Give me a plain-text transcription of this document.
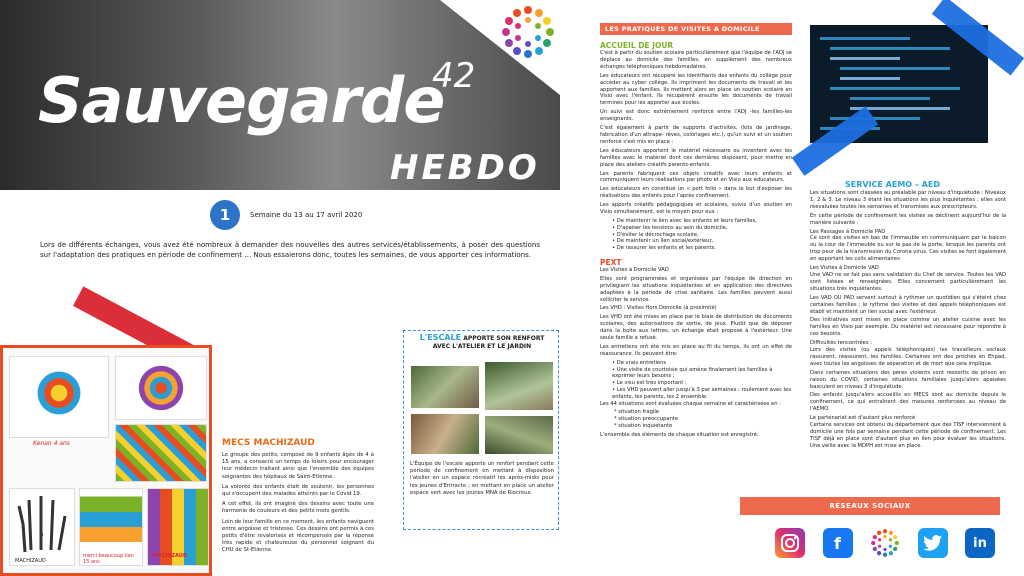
Sauvegarde
42
HEBDO
1	Semaine du 13 au 17 avril 2020

Lors de différents échanges, vous avez été nombreux à demander des nouvelles des autres services/établissements, à poser des questions sur l'adaptation des pratiques en période de confinement … Nous essaierons donc, toutes les semaines, de vous apporter ces informations.

Kenan 4 ans
MACHIZAUD
merci beaucoup ilan 15 ans
MACHIZAUD
MECS MACHIZAUD

Le groupe des petits, composé de 9 enfants âgés de 4 à 15 ans, a consacré un temps de loisirs pour encourager leur médecin traitant ainsi que l'ensemble des équipes soignantes des hôpitaux de Saint-Etienne.

La volonté des enfants était de soutenir, les personnes qui s'occupent des malades atteints par le Covid 19.

A cet effet, ils ont imaginé des dessins avec toute une harmonie de couleurs et des petits mots gentils.

Loin de leur famille en ce moment, les enfants naviguent entre angoisse et tristesse. Ces dessins ont permis à ces petits d'être revalorisés et récompensés par la réponse très rapide et chaleureuse du personnel soignant du CHU de St-Etienne.

L'ESCALE APPORTE SON RENFORT
AVEC L'ATELIER ET LE JARDIN

L'Équipe de l'escale apporte un renfort pendant cette période de confinement en mettant à disposition l'atelier en un espace récréatif les après-midis pour les jeunes d'Entracte ; en mettant en place un atelier espace vert avec les jeunes MNA de Riocreux.

LES PRATIQUES DE VISITES A DOMICILE
ACCUEIL DE JOUR

C'est à partir du soutien scolaire particulièrement que l'équipe de l'ADJ se déplace au domicile des familles, en supplément des nombreux échanges téléphoniques hebdomadaires.

Les éducateurs ont récupéré les identifiants des enfants du collège pour accéder au cyber collège. Ils impriment les documents de travail et les apportent aux familles. Ils mettent alors en place un soutien scolaire en Visio avec l'enfant. Ils récupèrent ensuite les documents de travail terminés pour les apporter aux écoles.

Un suivi est donc extrêmement renforcé entre l'ADJ -les familles-les enseignants.

C'est également à partir de supports d'activités, (kits de jardinage, fabrication d'un attrape- rêves, coloriages etc.), qu'un suivi et un soutien renforcé s'est mis en place :

Les éducateurs apportent le matériel nécessaire ou inventent avec les familles avec le matériel dont ces dernières disposent, pour mettre en place des ateliers créatifs parents-enfants.

Les parents fabriquent ces objets créatifs avec leurs enfants et communiquent leurs réalisations par photo et en Visio aux éducateurs.

Les éducateurs en constitué un « port folio » dans le but d'exposer les réalisations des enfants pour l'après confinement.

Les apports créatifs pédagogiques et scolaires, suivis d'un soutien en Visio simultanément, est le moyen pour eux :

• De maintenir le lien avec les enfants et leurs familles,
• D'apaiser les tensions au sein du domicile,
• D'éviter le décrochage scolaire,
• De maintenir un lien social/extérieur,
• De rassurer les enfants et les parents.
PEXT

Les Visites à Domicile VAD

Elles sont programmées et organisées par l'équipe de direction en privilégiant les situations inquiétantes et en application des directives adaptées à la période de crise sanitaire. Les familles peuvent aussi solliciter le service.

Les VHD : Visites Hors Domicile (à proximité)

Les VHD ont été mises en place par le biais de distribution de documents scolaires, des autorisations de sortie, de jeux. Plutôt que de déposer dans la boite aux lettres, un échange était proposé à l'extérieur. Une seule famille a refusé.

Les entretiens ont été mis en place au fil du temps, ils ont un effet de réassurance. Ils peuvent être:

• De vrais entretiens
• Une visite de courtoisie qui amène finalement les familles à exprimer leurs besoins ;
• Le visu est très important ;
• Les VHD peuvent aller jusqu'à 3 par semaines : roulement avec les enfants, les parents, les 2 ensemble.

Les 44 situations sont évaluées chaque semaine et caractérisées en :

* situation fragile

* situation préoccupante

* situation inquiétante

L'ensemble des éléments de chaque situation est enregistré.

SERVICE AEMO – AED

Les situations sont classées au préalable par niveau d'inquiétude : Niveaux 1, 2 & 3. Le niveau 3 étant les situations les plus inquiétantes ; elles sont réévaluées toutes les semaines et transmises aux prescripteurs.

En cette période de confinement les visites se déclinent aujourd'hui de la manière suivante :

Les Passages à Domicile PAD

Ce sont des visites en bas de l'immeuble en communiquant par le balcon ou la cour de l'immeuble ou sur le pas de la porte, lorsque les parents ont trop peur de la transmission du Corona virus. Ces visites se font également en apportant les colis alimentaires

Les Visites à Domicile VAD

Une VAD ne se fait pas sans validation du Chef de service. Toutes les VAD sont listées et renseignées. Elles concernent particulièrement les situations très inquiétantes.

Les VAD OU PAD servent surtout à rythmer un quotidien qui s'éteint chez certaines familles ; le rythme des visites et des appels téléphoniques est établi et maintient un lien social avec l'extérieur.

Des initiatives sont mises en place comme un atelier cuisine avec les familles en Visio par exemple. Du matériel est nécessaire pour répondre à ces besoins.

Difficultés rencontrées :

Lors des visites (ou appels téléphoniques) les travailleurs sociaux rassurent, réassurent, les familles. Certaines ont des proches en Ehpad, avec toutes les angoisses de séparation et de mort que cela implique.

Dans certaines situations des pères violents sont ressortis de prison en raison du COVID, certaines situations familiales jusqu'alors apaisées basculent en niveau 3 d'inquiétude.

Des enfants jusqu'alors accueillis en MECS sont au domicile depuis le confinement, ce qui entraînent des mesures renforcées au niveau de l'AEMO.

Le partenariat est d'autant plus renforcé

Certains services ont obtenu du département que des TISF interviennent à domicile une fois par semaine pendant cette période de confinement. Les TISF déjà en place sont d'autant plus en lien pour évaluer les situations. Une veille avec la MDPH est mise en place.

RÉSEAUX SOCIAUX
f	in
